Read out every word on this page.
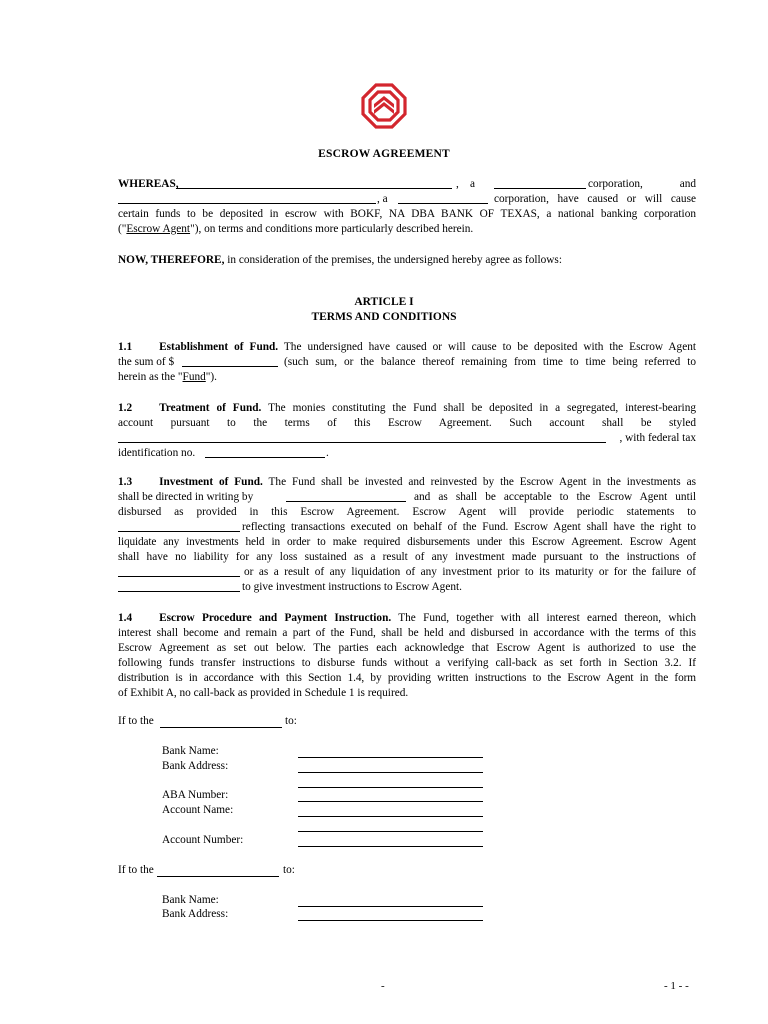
ESCROW AGREEMENT
WHEREAS,	, a	corporation, and
, a	corporation, have caused or will cause
certain funds to be deposited in escrow with BOKF, NA DBA BANK OF TEXAS, a national banking corporation
("Escrow Agent"), on terms and conditions more particularly described herein.
NOW, THEREFORE, in consideration of the premises, the undersigned hereby agree as follows:
ARTICLE I
TERMS AND CONDITIONS
1.1 Establishment of Fund. The undersigned have caused or will cause to be deposited with the Escrow Agent
the sum of $	(such sum, or the balance thereof remaining from time to time being referred to
herein as the "Fund").
1.2 Treatment of Fund. The monies constituting the Fund shall be deposited in a segregated, interest-bearing
account pursuant to the terms of this Escrow Agreement. Such account shall be styled
, with federal tax
identification no.	.
1.3 Investment of Fund. The Fund shall be invested and reinvested by the Escrow Agent in the investments as
shall be directed in writing by	and as shall be acceptable to the Escrow Agent until
disbursed as provided in this Escrow Agreement. Escrow Agent will provide periodic statements to
reflecting transactions executed on behalf of the Fund. Escrow Agent shall have the right to
liquidate any investments held in order to make required disbursements under this Escrow Agreement. Escrow Agent
shall have no liability for any loss sustained as a result of any investment made pursuant to the instructions of
or as a result of any liquidation of any investment prior to its maturity or for the failure of
to give investment instructions to Escrow Agent.
1.4 Escrow Procedure and Payment Instruction. The Fund, together with all interest earned thereon, which
interest shall become and remain a part of the Fund, shall be held and disbursed in accordance with the terms of this
Escrow Agreement as set out below. The parties each acknowledge that Escrow Agent is authorized to use the
following funds transfer instructions to disburse funds without a verifying call-back as set forth in Section 3.2. If
distribution is in accordance with this Section 1.4, by providing written instructions to the Escrow Agent in the form
of Exhibit A, no call-back as provided in Schedule 1 is required.
If to the	to:
Bank Name:
Bank Address:
ABA Number:
Account Name:
Account Number:
If to the	to:
Bank Name:
Bank Address:
-	- 1 - -
